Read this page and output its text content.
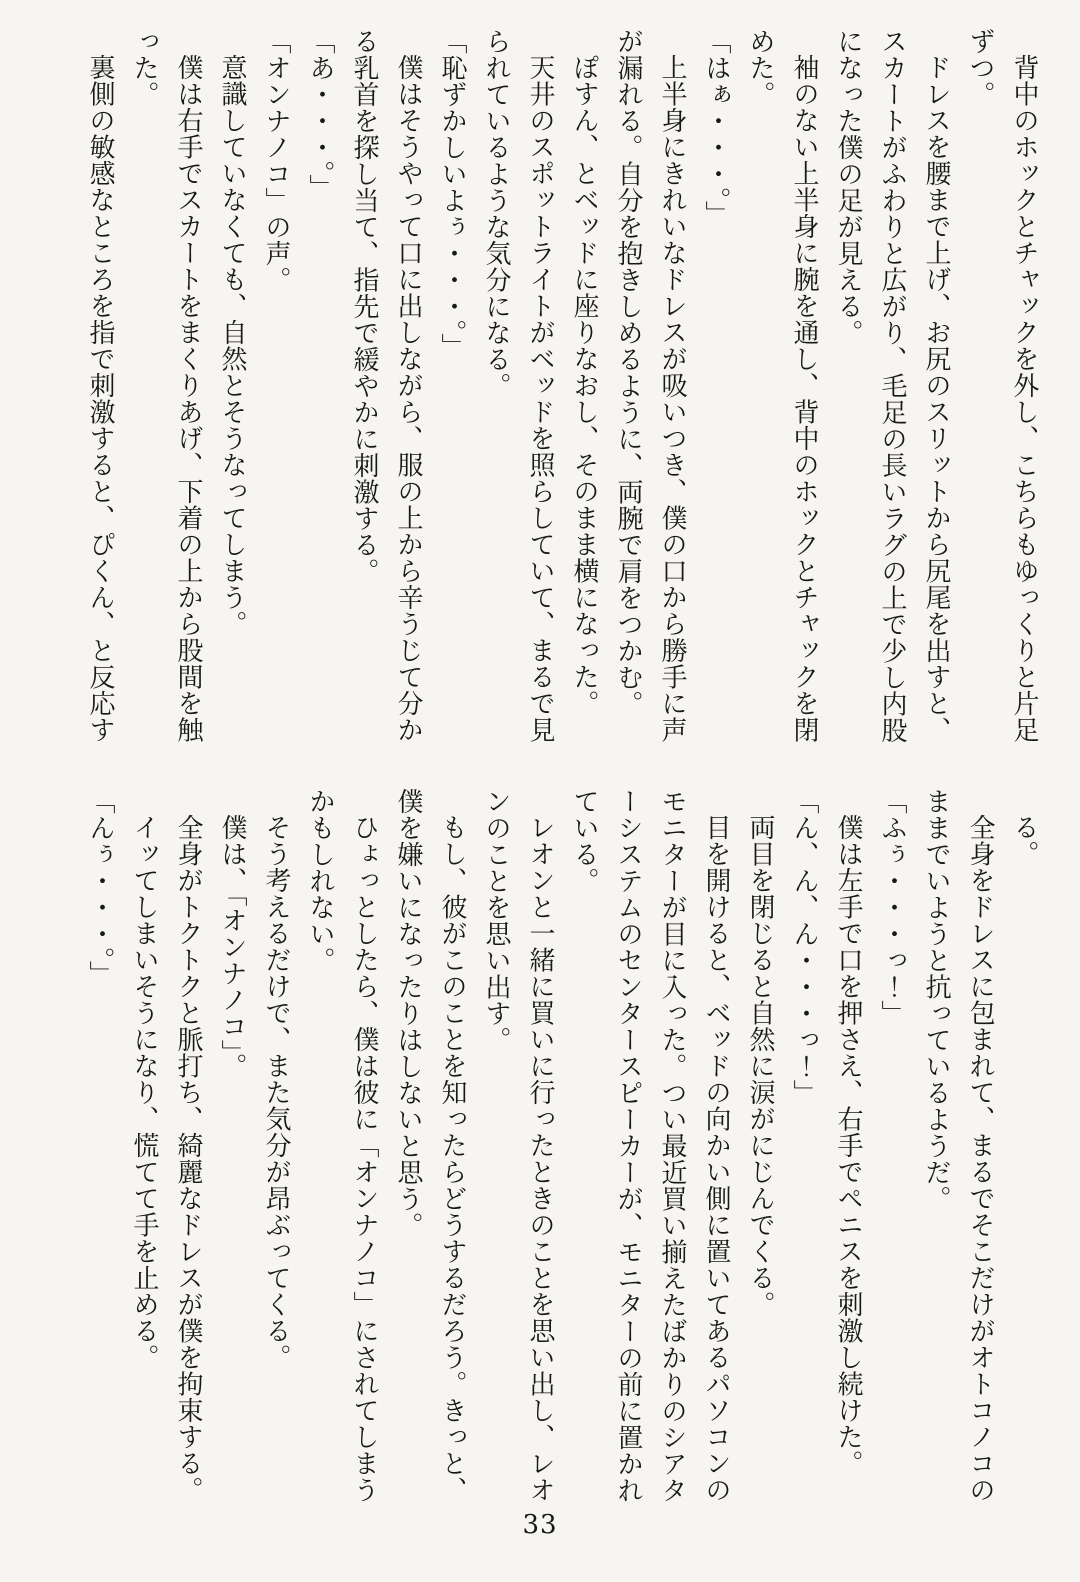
背中のホックとチャックを外し、こちらもゆっくりと片足ずつ。

ドレスを腰まで上げ、お尻のスリットから尻尾を出すと、スカートがふわりと広がり、毛足の長いラグの上で少し内股になった僕の足が見える。

袖のない上半身に腕を通し、背中のホックとチャックを閉めた。

「はぁ・・・。」

上半身にきれいなドレスが吸いつき、僕の口から勝手に声が漏れる。自分を抱きしめるように、両腕で肩をつかむ。

ぽすん、とベッドに座りなおし、そのまま横になった。

天井のスポットライトがベッドを照らしていて、まるで見られているような気分になる。

「恥ずかしいよぅ・・・。」

僕はそうやって口に出しながら、服の上から辛うじて分かる乳首を探し当て、指先で緩やかに刺激する。

「あ・・・。」

「オンナノコ」の声。

意識していなくても、自然とそうなってしまう。

僕は右手でスカートをまくりあげ、下着の上から股間を触った。

裏側の敏感なところを指で刺激すると、ぴくん、と反応す

る。

全身をドレスに包まれて、まるでそこだけがオトコノコのままでいようと抗っているようだ。

「ふぅ・・・っ！」

僕は左手で口を押さえ、右手でペニスを刺激し続けた。

「ん、ん、ん・・・っ！」

両目を閉じると自然に涙がにじんでくる。

目を開けると、ベッドの向かい側に置いてあるパソコンのモニターが目に入った。つい最近買い揃えたばかりのシアターシステムのセンタースピーカーが、モニターの前に置かれている。

レオンと一緒に買いに行ったときのことを思い出し、レオンのことを思い出す。

もし、彼がこのことを知ったらどうするだろう。きっと、僕を嫌いになったりはしないと思う。

ひょっとしたら、僕は彼に「オンナノコ」にされてしまうかもしれない。

そう考えるだけで、また気分が昂ぶってくる。

僕は、「オンナノコ」。

全身がトクトクと脈打ち、綺麗なドレスが僕を拘束する。

イッてしまいそうになり、慌てて手を止める。

「んぅ・・・。」

33
